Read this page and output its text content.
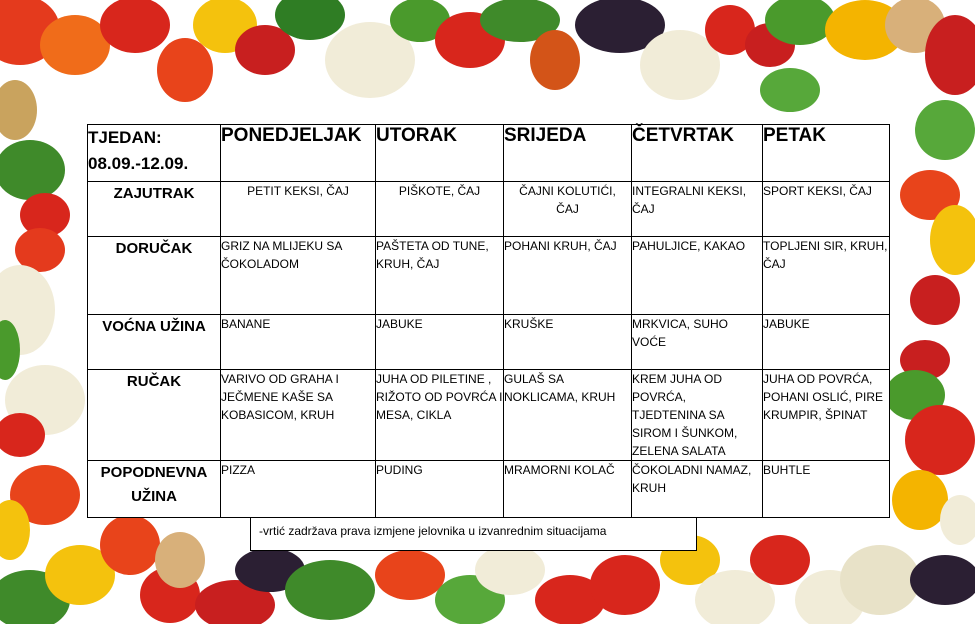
TJEDAN:
08.09.-12.09.	PONEDJELJAK	UTORAK	SRIJEDA	ČETVRTAK	PETAK
ZAJUTRAK	PETIT KEKSI, ČAJ	PIŠKOTE, ČAJ	ČAJNI KOLUTIĆI, ČAJ	INTEGRALNI KEKSI, ČAJ	SPORT KEKSI, ČAJ
DORUČAK	GRIZ NA MLIJEKU SA ČOKOLADOM	PAŠTETA OD TUNE, KRUH, ČAJ	POHANI KRUH, ČAJ	PAHULJICE, KAKAO	TOPLJENI SIR, KRUH, ČAJ
VOĆNA UŽINA	BANANE	JABUKE	KRUŠKE	MRKVICA, SUHO VOĆE	JABUKE
RUČAK	VARIVO OD GRAHA I JEČMENE KAŠE SA KOBASICOM, KRUH	JUHA OD PILETINE , RIŽOTO OD POVRĆA I MESA, CIKLA	GULAŠ SA NOKLICAMA, KRUH	KREM JUHA OD POVRĆA, TJEDTENINA SA SIROM I ŠUNKOM, ZELENA SALATA	JUHA OD POVRĆA, POHANI OSLIĆ, PIRE KRUMPIR, ŠPINAT
POPODNEVNA UŽINA	PIZZA	PUDING	MRAMORNI KOLAČ	ČOKOLADNI NAMAZ, KRUH	BUHTLE
-vrtić zadržava prava izmjene jelovnika u izvanrednim situacijama
